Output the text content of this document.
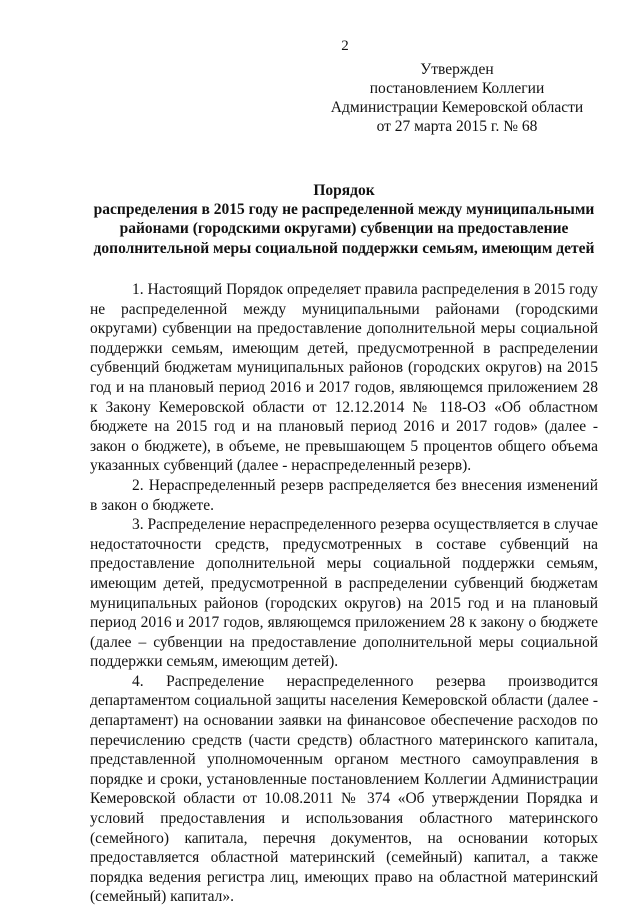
2
Утвержден
постановлением Коллегии
Администрации Кемеровской области
от 27 марта 2015 г. № 68
Порядок
распределения в 2015 году не распределенной между муниципальными
районами (городскими округами) субвенции на предоставление
дополнительной меры социальной поддержки семьям, имеющим детей

1. Настоящий Порядок определяет правила распределения в 2015 году не распределенной между муниципальными районами (городскими округами) субвенции на предоставление дополнительной меры социальной поддержки семьям, имеющим детей, предусмотренной в распределении субвенций бюджетам муниципальных районов (городских округов) на 2015 год и на плановый период 2016 и 2017 годов, являющемся приложением 28 к Закону Кемеровской области от 12.12.2014 № 118-ОЗ «Об областном бюджете на 2015 год и на плановый период 2016 и 2017 годов» (далее - закон о бюджете), в объеме, не превышающем 5 процентов общего объема указанных субвенций (далее - нераспределенный резерв).

2. Нераспределенный резерв распределяется без внесения изменений в закон о бюджете.

3. Распределение нераспределенного резерва осуществляется в случае недостаточности средств, предусмотренных в составе субвенций на предоставление дополнительной меры социальной поддержки семьям, имеющим детей, предусмотренной в распределении субвенций бюджетам муниципальных районов (городских округов) на 2015 год и на плановый период 2016 и 2017 годов, являющемся приложением 28 к закону о бюджете (далее – субвенции на предоставление дополнительной меры социальной поддержки семьям, имеющим детей).

4. Распределение нераспределенного резерва производится департаментом социальной защиты населения Кемеровской области (далее - департамент) на основании заявки на финансовое обеспечение расходов по перечислению средств (части средств) областного материнского капитала, представленной уполномоченным органом местного самоуправления в порядке и сроки, установленные постановлением Коллегии Администрации Кемеровской области от 10.08.2011 № 374 «Об утверждении Порядка и условий предоставления и использования областного материнского (семейного) капитала, перечня документов, на основании которых предоставляется областной материнский (семейный) капитал, а также порядка ведения регистра лиц, имеющих право на областной материнский (семейный) капитал».
